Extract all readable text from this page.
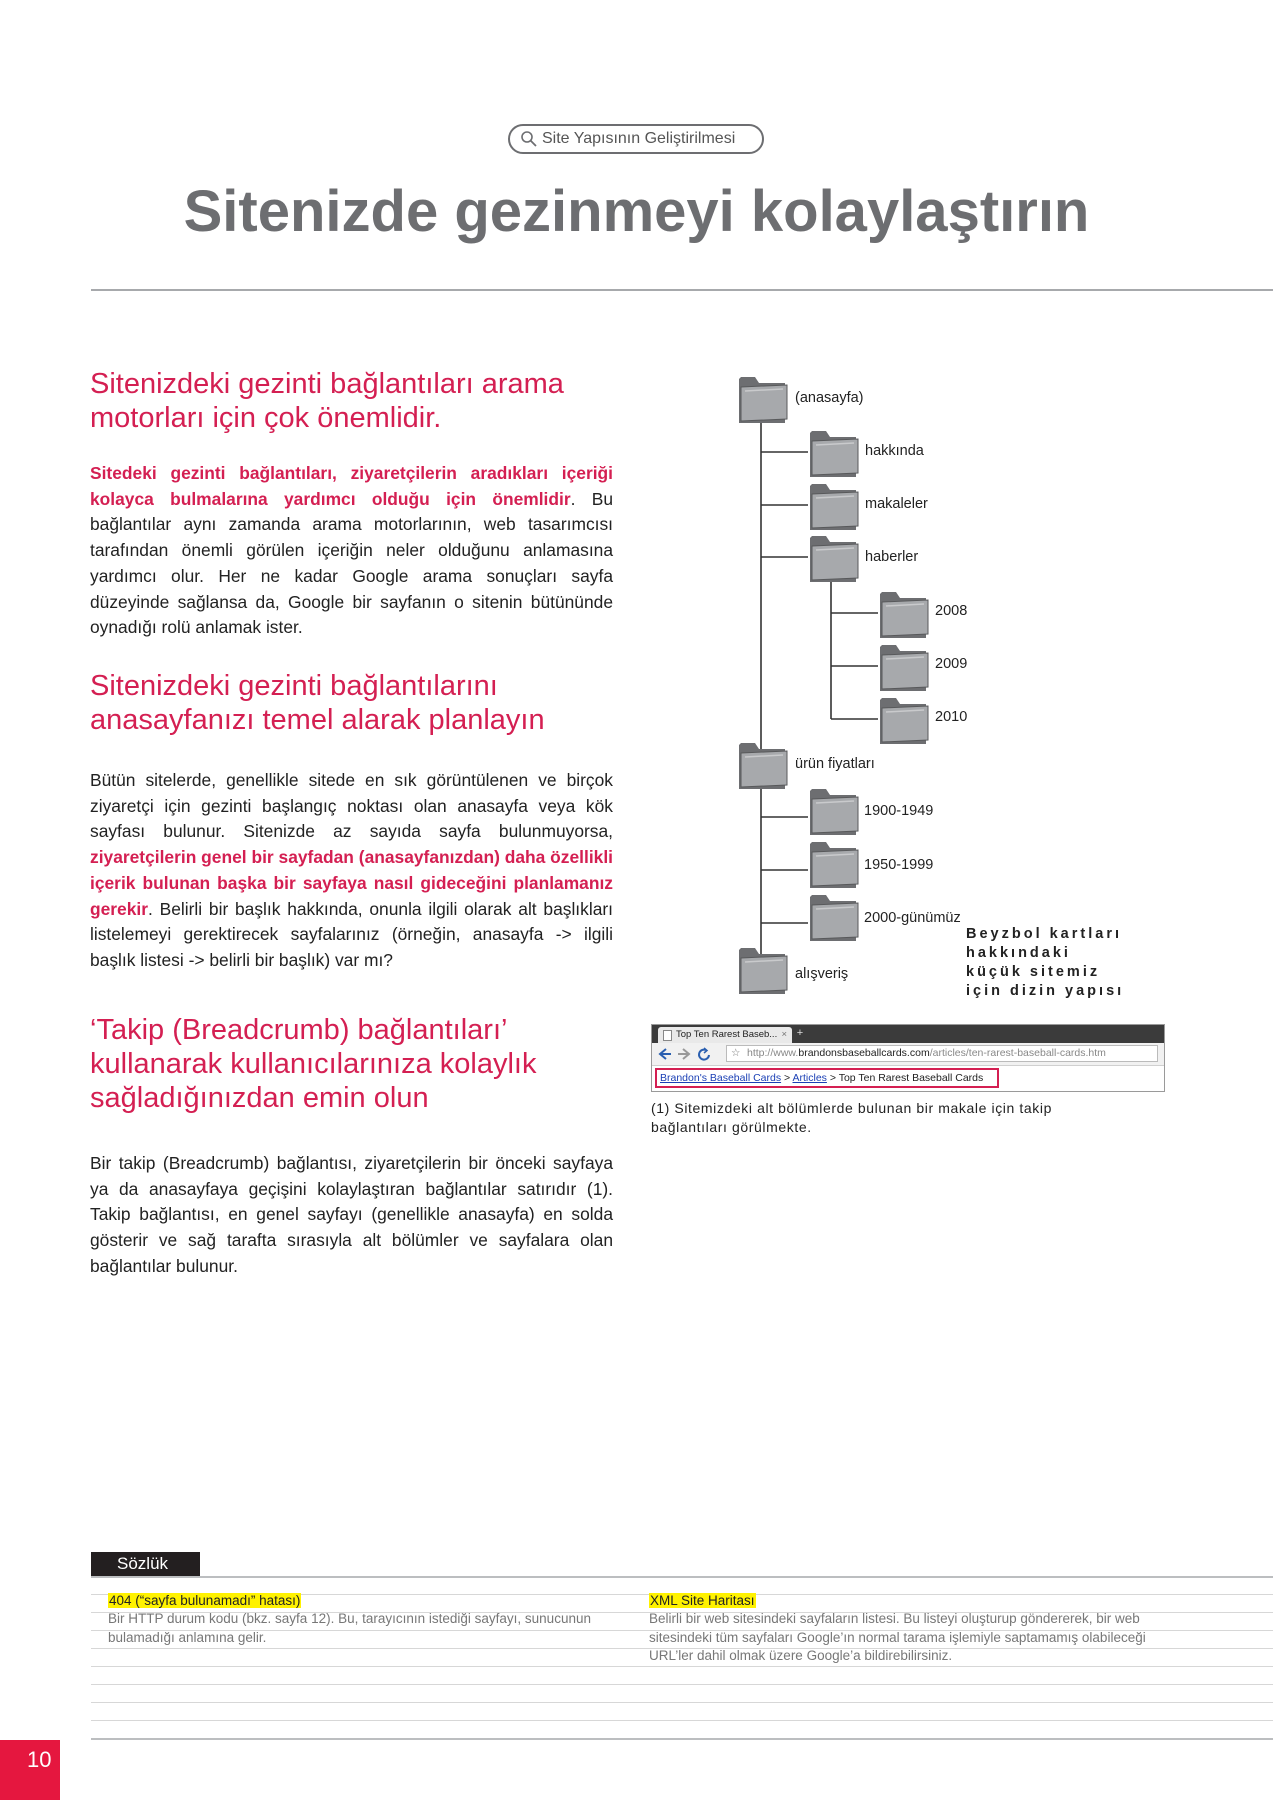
Site Yapısının Geliştirilmesi
Sitenizde gezinmeyi kolaylaştırın
Sitenizdeki gezinti bağlantıları arama motorları için çok önemlidir.
Sitedeki gezinti bağlantıları, ziyaretçilerin aradıkları içeriği kolayca bulmalarına yardımcı olduğu için önemlidir. Bu bağlantılar aynı zamanda arama motorlarının, web tasarımcısı tarafından önemli görülen içeriğin neler olduğunu anlamasına yardımcı olur. Her ne kadar Google arama sonuçları sayfa düzeyinde sağlansa da, Google bir sayfanın o sitenin bütününde oynadığı rolü anlamak ister.
Sitenizdeki gezinti bağlantılarını anasayfanızı temel alarak planlayın
Bütün sitelerde, genellikle sitede en sık görüntülenen ve birçok ziyaretçi için gezinti başlangıç noktası olan anasayfa veya kök sayfası bulunur. Sitenizde az sayıda sayfa bulunmuyorsa, ziyaretçilerin genel bir sayfadan (anasayfanızdan) daha özellikli içerik bulunan başka bir sayfaya nasıl gideceğini planlamanız gerekir. Belirli bir başlık hakkında, onunla ilgili olarak alt başlıkları listelemeyi gerektirecek sayfalarınız (örneğin, anasayfa -> ilgili başlık listesi -> belirli bir başlık) var mı?
‘Takip (Breadcrumb) bağlantıları’ kullanarak kullanıcılarınıza kolaylık sağladığınızdan emin olun
Bir takip (Breadcrumb) bağlantısı, ziyaretçilerin bir önceki sayfaya ya da anasayfaya geçişini kolaylaştıran bağlantılar satırıdır (1). Takip bağlantısı, en genel sayfayı (genellikle anasayfa) en solda gösterir ve sağ tarafta sırasıyla alt bölümler ve sayfalara olan bağlantılar bulunur.
(anasayfa)
hakkında
makaleler
haberler
2008
2009
2010
ürün fiyatları
1900-1949
1950-1999
2000-günümüz
alışveriş
Beyzbol kartları hakkındaki küçük sitemiz için dizin yapısı
Top Ten Rarest Baseb... × +
☆ http://www.brandonsbaseballcards.com/articles/ten-rarest-baseball-cards.htm
Brandon's Baseball Cards > Articles > Top Ten Rarest Baseball Cards
(1) Sitemizdeki alt bölümlerde bulunan bir makale için takip bağlantıları görülmekte.
Sözlük
404 (“sayfa bulunamadı” hatası)
Bir HTTP durum kodu (bkz. sayfa 12). Bu, tarayıcının istediği sayfayı, sunucunun bulamadığı anlamına gelir.
XML Site Haritası
Belirli bir web sitesindeki sayfaların listesi. Bu listeyi oluşturup göndererek, bir web sitesindeki tüm sayfaları Google’ın normal tarama işlemiyle saptamamış olabileceği URL’ler dahil olmak üzere Google’a bildirebilirsiniz.
10
